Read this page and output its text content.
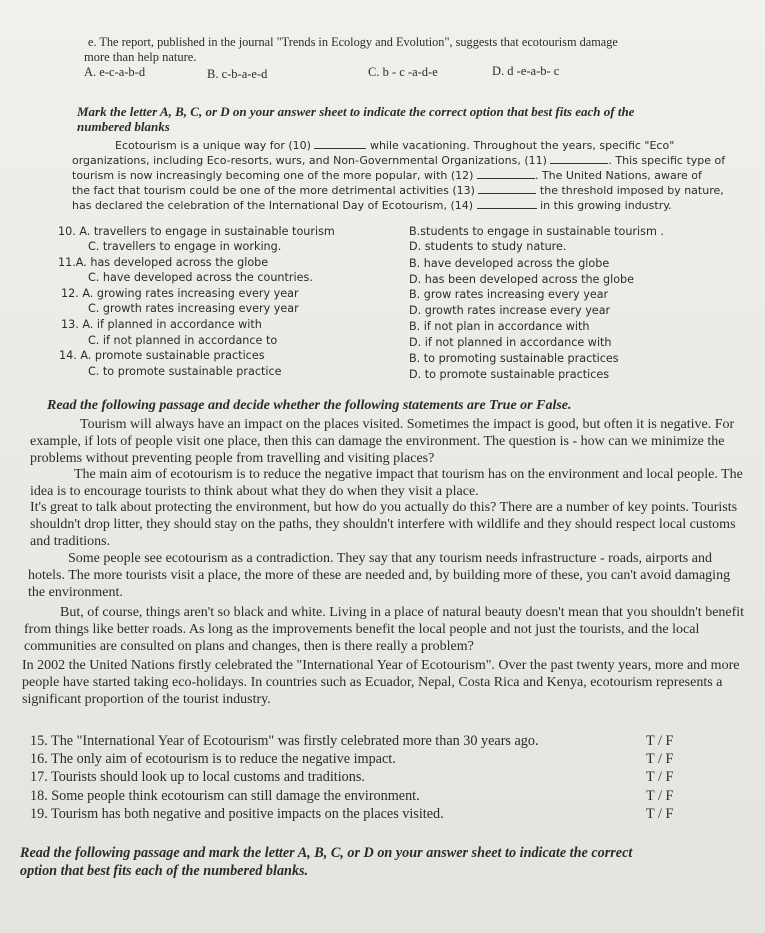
e. The report, published in the journal "Trends in Ecology and Evolution", suggests that ecotourism damage
more than help nature.
A. e-c-a-b-d	B. c-b-a-e-d	C. b - c -a-d-e	D. d -e-a-b- c
Mark the letter A, B, C, or D on your answer sheet to indicate the correct option that best fits each of the
numbered blanks
Ecotourism is a unique way for (10)	while vacationing. Throughout the years, specific "Eco"
organizations, including Eco-resorts, wurs, and Non-Governmental Organizations, (11)	. This specific type of
tourism is now increasingly becoming one of the more popular, with (12)	. The United Nations, aware of
the fact that tourism could be one of the more detrimental activities (13)	the threshold imposed by nature,
has declared the celebration of the International Day of Ecotourism, (14)	in this growing industry.
10. A. travellers to engage in sustainable tourism	B.students to engage in sustainable tourism .
C. travellers to engage in working.	D. students to study nature.
11.A. has developed across the globe	B. have developed across the globe
C. have developed across the countries.	D. has been developed across the globe
12. A. growing rates increasing every year	B. grow rates increasing every year
C. growth rates increasing every year	D. growth rates increase every year
13. A. if planned in accordance with	B. if not plan in accordance with
C. if not planned in accordance to	D. if not planned in accordance with
14. A. promote sustainable practices	B. to promoting sustainable practices
C. to promote sustainable practice	D. to promote sustainable practices
Read the following passage and decide whether the following statements are True or False.
Tourism will always have an impact on the places visited. Sometimes the impact is good, but often it is negative. For example, if lots of people visit one place, then this can damage the environment. The question is - how can we minimize the problems without preventing people from travelling and visiting places?
The main aim of ecotourism is to reduce the negative impact that tourism has on the environment and local people. The idea is to encourage tourists to think about what they do when they visit a place.
It's great to talk about protecting the environment, but how do you actually do this? There are a number of key points. Tourists shouldn't drop litter, they should stay on the paths, they shouldn't interfere with wildlife and they should respect local customs and traditions.
Some people see ecotourism as a contradiction. They say that any tourism needs infrastructure - roads, airports and hotels. The more tourists visit a place, the more of these are needed and, by building more of these, you can't avoid damaging the environment.
But, of course, things aren't so black and white. Living in a place of natural beauty doesn't mean that you shouldn't benefit from things like better roads. As long as the improvements benefit the local people and not just the tourists, and the local communities are consulted on plans and changes, then is there really a problem?
In 2002 the United Nations firstly celebrated the "International Year of Ecotourism". Over the past twenty years, more and more people have started taking eco-holidays. In countries such as Ecuador, Nepal, Costa Rica and Kenya, ecotourism represents a significant proportion of the tourist industry.
15. The "International Year of Ecotourism" was firstly celebrated more than 30 years ago.	T / F
16. The only aim of ecotourism is to reduce the negative impact.	T / F
17. Tourists should look up to local customs and traditions.	T / F
18. Some people think ecotourism can still damage the environment.	T / F
19. Tourism has both negative and positive impacts on the places visited.	T / F
Read the following passage and mark the letter A, B, C, or D on your answer sheet to indicate the correct
option that best fits each of the numbered blanks.
